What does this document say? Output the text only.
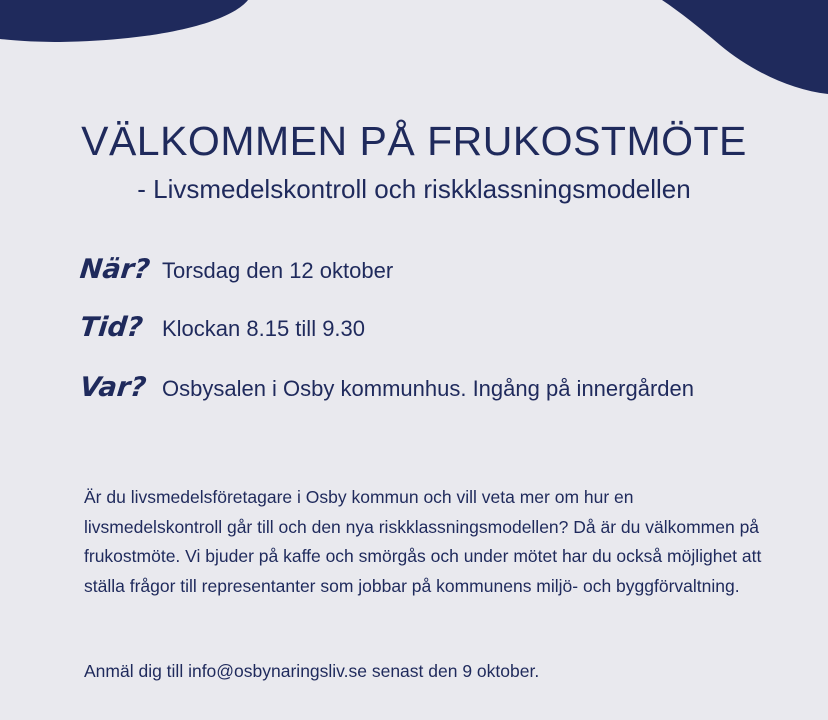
VÄLKOMMEN PÅ FRUKOSTMÖTE
- Livsmedelskontroll och riskklassningsmodellen
När? Torsdag den 12 oktober
Tid? Klockan 8.15 till 9.30
Var? Osbysalen i Osby kommunhus. Ingång på innergården
Är du livsmedelsföretagare i Osby kommun och vill veta mer om hur en livsmedelskontroll går till och den nya riskklassningsmodellen? Då är du välkommen på frukostmöte. Vi bjuder på kaffe och smörgås och under mötet har du också möjlighet att ställa frågor till representanter som jobbar på kommunens miljö- och byggförvaltning.
Anmäl dig till info@osbynaringsliv.se senast den 9 oktober.
